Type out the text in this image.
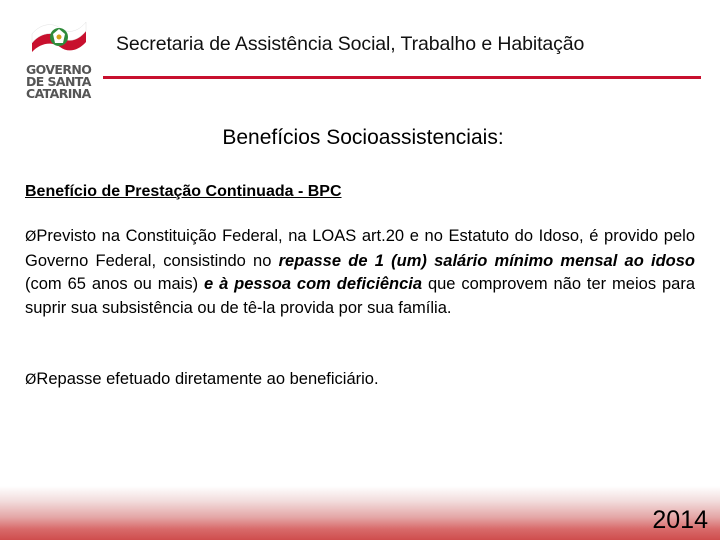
GOVERNO
DE SANTA
CATARINA
Secretaria de Assistência Social, Trabalho e Habitação
Benefícios Socioassistenciais:
Benefício de Prestação Continuada - BPC

ØPrevisto na Constituição Federal, na LOAS art.20 e no Estatuto do Idoso, é provido pelo Governo Federal, consistindo no repasse de 1 (um) salário mínimo mensal ao idoso (com 65 anos ou mais) e à pessoa com deficiência que comprovem não ter meios para suprir sua subsistência ou de tê-la provida por sua família.

ØRepasse efetuado diretamente ao beneficiário.

2014
